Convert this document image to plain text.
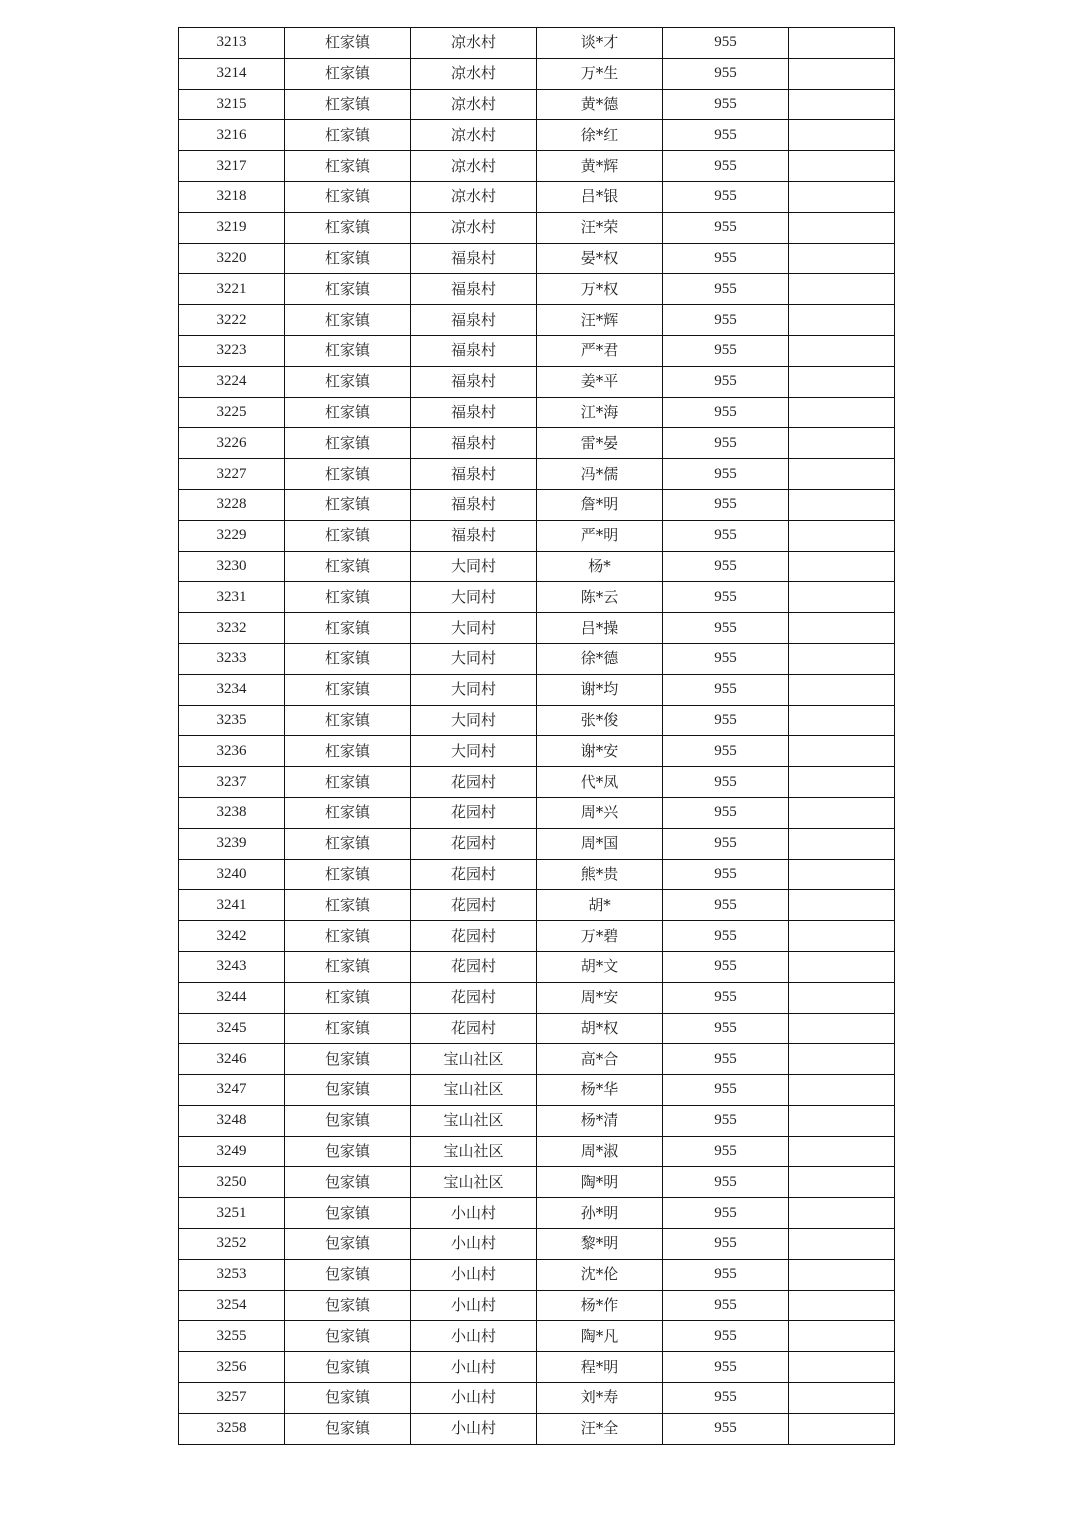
3213	杠家镇	凉水村	谈*才	955	
3214	杠家镇	凉水村	万*生	955	
3215	杠家镇	凉水村	黄*德	955	
3216	杠家镇	凉水村	徐*红	955	
3217	杠家镇	凉水村	黄*辉	955	
3218	杠家镇	凉水村	吕*银	955	
3219	杠家镇	凉水村	汪*荣	955	
3220	杠家镇	福泉村	晏*权	955	
3221	杠家镇	福泉村	万*权	955	
3222	杠家镇	福泉村	汪*辉	955	
3223	杠家镇	福泉村	严*君	955	
3224	杠家镇	福泉村	姜*平	955	
3225	杠家镇	福泉村	江*海	955	
3226	杠家镇	福泉村	雷*晏	955	
3227	杠家镇	福泉村	冯*儒	955	
3228	杠家镇	福泉村	詹*明	955	
3229	杠家镇	福泉村	严*明	955	
3230	杠家镇	大同村	杨*	955	
3231	杠家镇	大同村	陈*云	955	
3232	杠家镇	大同村	吕*操	955	
3233	杠家镇	大同村	徐*德	955	
3234	杠家镇	大同村	谢*均	955	
3235	杠家镇	大同村	张*俊	955	
3236	杠家镇	大同村	谢*安	955	
3237	杠家镇	花园村	代*凤	955	
3238	杠家镇	花园村	周*兴	955	
3239	杠家镇	花园村	周*国	955	
3240	杠家镇	花园村	熊*贵	955	
3241	杠家镇	花园村	胡*	955	
3242	杠家镇	花园村	万*碧	955	
3243	杠家镇	花园村	胡*文	955	
3244	杠家镇	花园村	周*安	955	
3245	杠家镇	花园村	胡*权	955	
3246	包家镇	宝山社区	高*合	955	
3247	包家镇	宝山社区	杨*华	955	
3248	包家镇	宝山社区	杨*清	955	
3249	包家镇	宝山社区	周*淑	955	
3250	包家镇	宝山社区	陶*明	955	
3251	包家镇	小山村	孙*明	955	
3252	包家镇	小山村	黎*明	955	
3253	包家镇	小山村	沈*伦	955	
3254	包家镇	小山村	杨*作	955	
3255	包家镇	小山村	陶*凡	955	
3256	包家镇	小山村	程*明	955	
3257	包家镇	小山村	刘*寿	955	
3258	包家镇	小山村	汪*全	955	
